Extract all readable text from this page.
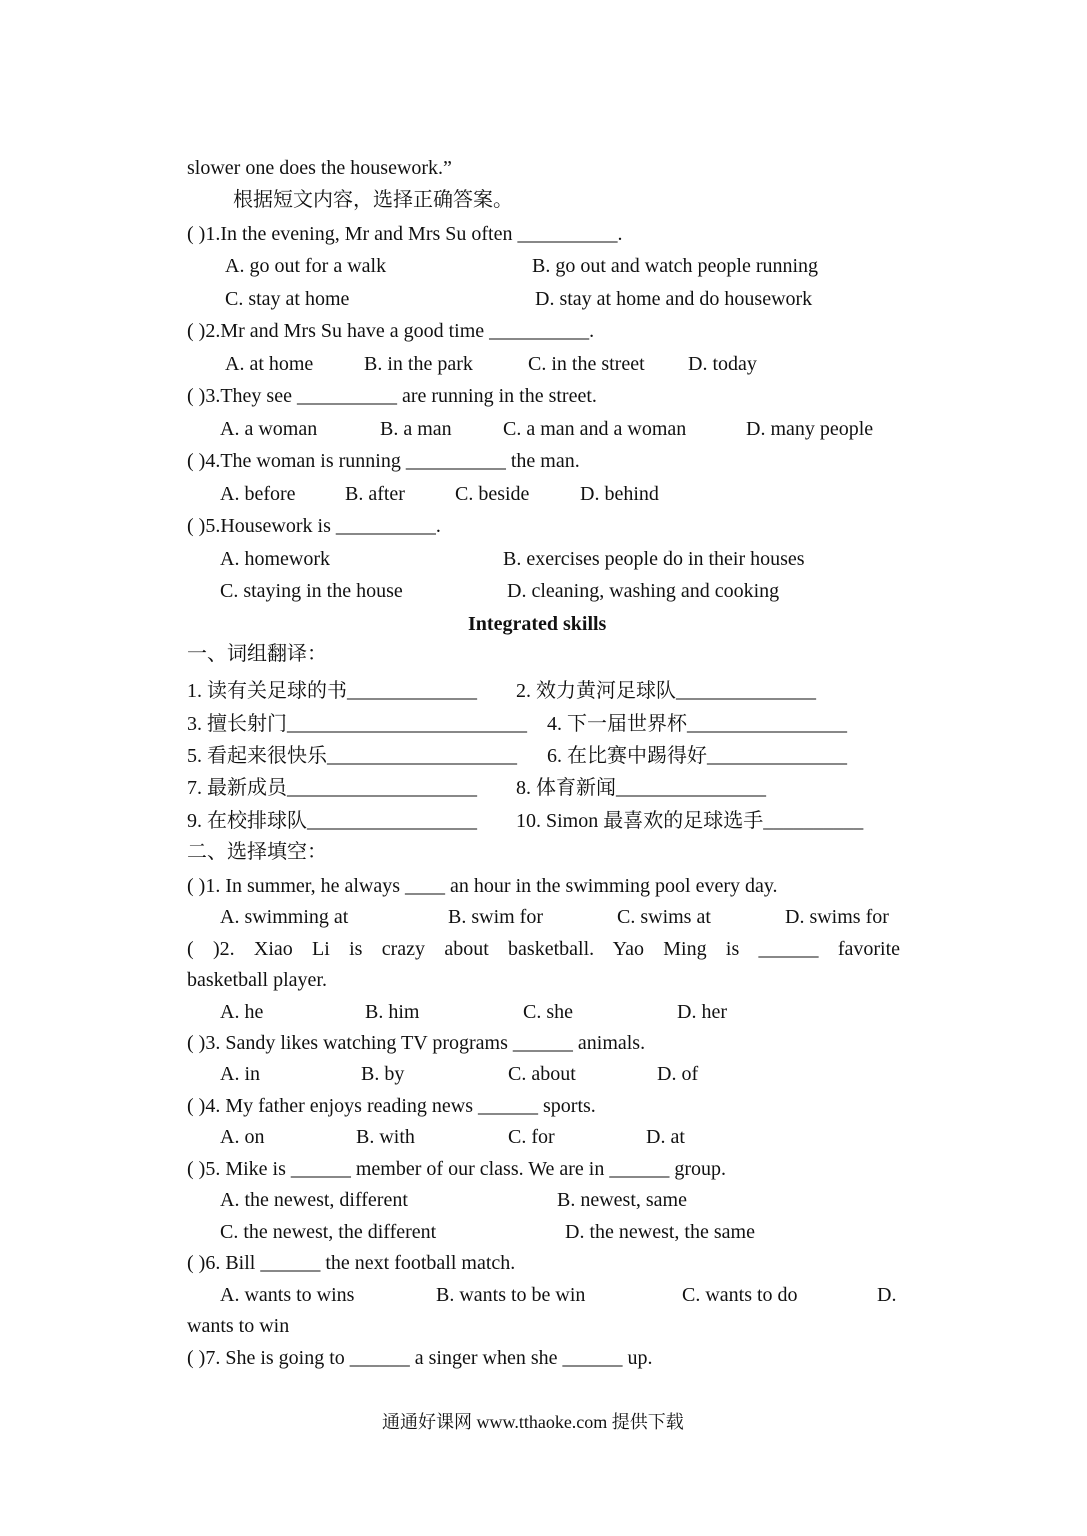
slower one does the housework.”
根据短文内容，选择正确答案。
( )1.In the evening, Mr and Mrs Su often __________.
A. go out for a walk	B. go out and watch people running
C. stay at home	D. stay at home and do housework
( )2.Mr and Mrs Su have a good time __________.
A. at home	B. in the park	C. in the street D. today
( )3.They see __________ are running in the street.
A. a woman	B. a man	C. a man and a woman	D. many people
( )4.The woman is running __________ the man.
A. before B. after	C. beside	D. behind
( )5.Housework is __________.
A. homework	B. exercises people do in their houses
C. staying in the house	D. cleaning, washing and cooking
Integrated skills
一、词组翻译：
1. 读有关足球的书_____________ 2. 效力黄河足球队______________
3. 擅长射门________________________ 4. 下一届世界杯________________
5. 看起来很快乐___________________ 6. 在比赛中踢得好______________
7. 最新成员___________________ 8. 体育新闻_______________
9. 在校排球队_________________ 10. Simon 最喜欢的足球选手__________
二、选择填空：
( )1. In summer, he always ____ an hour in the swimming pool every day.
A. swimming at	B. swim for	C. swims at	D. swims for
( )2. Xiao Li is crazy about basketball. Yao Ming is ______ favorite
basketball player.
A. he	B. him	C. she	D. her
( )3. Sandy likes watching TV programs ______ animals.
A. in	B. by	C. about	D. of
( )4. My father enjoys reading news ______ sports.
A. on	B. with	C. for	D. at
( )5. Mike is ______ member of our class. We are in ______ group.
A. the newest, different	B. newest, same
C. the newest, the different	D. the newest, the same
( )6. Bill ______ the next football match.
A. wants to wins	B. wants to be win	C. wants to do	D.
wants to win
( )7. She is going to ______ a singer when she ______ up.
通通好课网 www.tthaoke.com 提供下载
